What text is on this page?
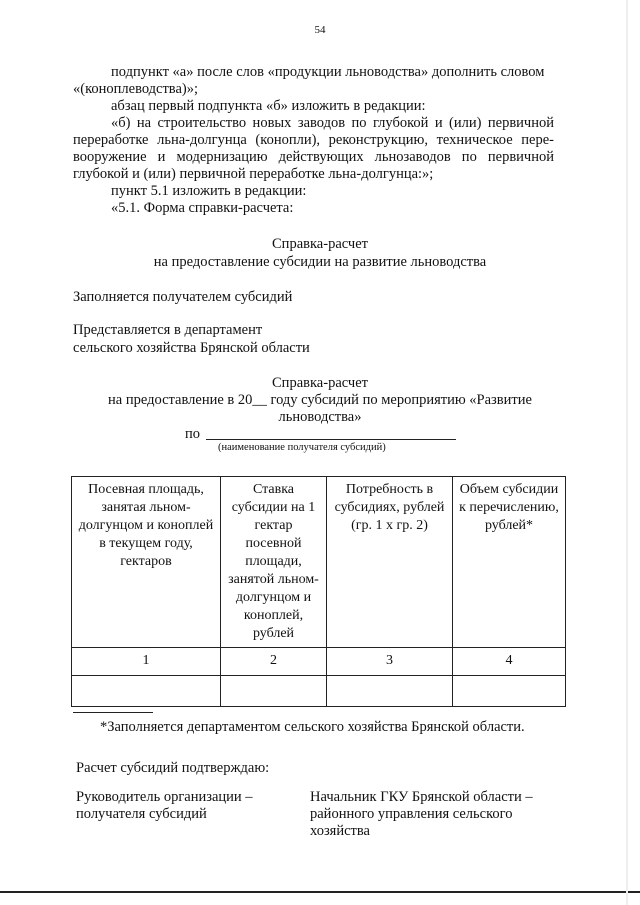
54
подпункт «а» после слов «продукции льноводства» дополнить словом
«(коноплеводства)»;
абзац первый подпункта «б» изложить в редакции:
«б) на строительство новых заводов по глубокой и (или) первичной
переработке льна-долгунца (конопли), реконструкцию, техническое пере-
вооружение и модернизацию действующих льнозаводов по первичной
глубокой и (или) первичной переработке льна-долгунца:»;
пункт 5.1 изложить в редакции:
«5.1. Форма справки-расчета:
Справка-расчет
на предоставление субсидии на развитие льноводства
Заполняется получателем субсидий
Представляется в департамент
сельского хозяйства Брянской области
Справка-расчет
на предоставление в 20__ году субсидий по мероприятию «Развитие
льноводства»
по
(наименование получателя субсидий)
Посевная площадь, занятая льном-долгунцом и коноплей в текущем году, гектаров	Ставка субсидии на 1 гектар посевной площади, занятой льном-долгунцом и коноплей, рублей	Потребность в субсидиях, рублей (гр. 1 х гр. 2)	Объем субсидии к перечислению, рублей*
1	2	3	4

*Заполняется департаментом сельского хозяйства Брянской области.
Расчет субсидий подтверждаю:
Руководитель организации –
получателя субсидий
Начальник ГКУ Брянской области –
районного управления сельского
хозяйства
